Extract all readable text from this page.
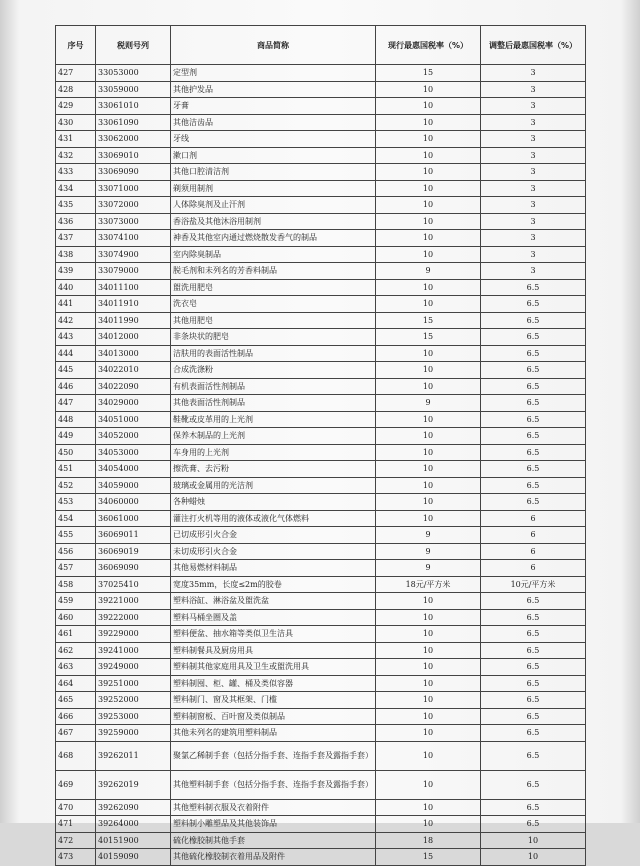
序号	税则号列	商品简称	现行最惠国税率（%）	调整后最惠国税率（%）
427	33053000	定型剂	15	3
428	33059000	其他护发品	10	3
429	33061010	牙膏	10	3
430	33061090	其他洁齿品	10	3
431	33062000	牙线	10	3
432	33069010	漱口剂	10	3
433	33069090	其他口腔清洁剂	10	3
434	33071000	剃须用制剂	10	3
435	33072000	人体除臭剂及止汗剂	10	3
436	33073000	香浴盐及其他沐浴用制剂	10	3
437	33074100	神香及其他室内通过燃烧散发香气的制品	10	3
438	33074900	室内除臭制品	10	3
439	33079000	脱毛剂和未列名的芳香料制品	9	3
440	34011100	盥洗用肥皂	10	6.5
441	34011910	洗衣皂	10	6.5
442	34011990	其他用肥皂	15	6.5
443	34012000	非条块状的肥皂	15	6.5
444	34013000	洁肤用的表面活性制品	10	6.5
445	34022010	合成洗涤粉	10	6.5
446	34022090	有机表面活性剂制品	10	6.5
447	34029000	其他表面活性剂制品	9	6.5
448	34051000	鞋靴或皮革用的上光剂	10	6.5
449	34052000	保养木制品的上光剂	10	6.5
450	34053000	车身用的上光剂	10	6.5
451	34054000	擦洗膏、去污粉	10	6.5
452	34059000	玻璃或金属用的光洁剂	10	6.5
453	34060000	各种蜡烛	10	6.5
454	36061000	灌注打火机等用的液体或液化气体燃料	10	6
455	36069011	已切成形引火合金	9	6
456	36069019	未切成形引火合金	9	6
457	36069090	其他易燃材料制品	9	6
458	37025410	宽度35mm，长度≤2m的胶卷	18元/平方米	10元/平方米
459	39221000	塑料浴缸、淋浴盆及盥洗盆	10	6.5
460	39222000	塑料马桶坐圈及盖	10	6.5
461	39229000	塑料便盆、抽水箱等类似卫生洁具	10	6.5
462	39241000	塑料制餐具及厨房用具	10	6.5
463	39249000	塑料制其他家庭用具及卫生或盥洗用具	10	6.5
464	39251000	塑料制囤、柜、罐、桶及类似容器	10	6.5
465	39252000	塑料制门、窗及其框架、门槛	10	6.5
466	39253000	塑料制窗板、百叶窗及类似制品	10	6.5
467	39259000	其他未列名的建筑用塑料制品	10	6.5
468	39262011	聚氯乙稀制手套（包括分指手套、连指手套及露指手套）	10	6.5
469	39262019	其他塑料制手套（包括分指手套、连指手套及露指手套）	10	6.5
470	39262090	其他塑料制衣服及衣着附件	10	6.5
471	39264000	塑料制小雕塑品及其他装饰品	10	6.5
472	40151900	硫化橡胶制其他手套	18	10
473	40159090	其他硫化橡胶制衣着用品及附件	15	10
